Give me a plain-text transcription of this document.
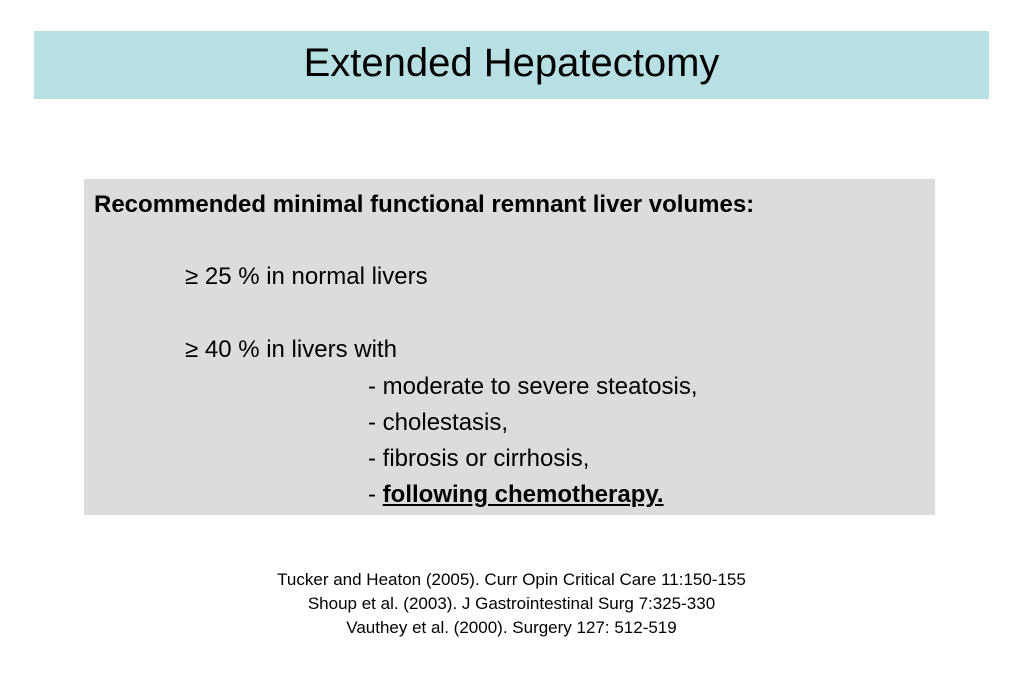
Extended Hepatectomy
Recommended minimal functional remnant liver volumes:
≥ 25 % in normal livers
≥ 40 % in livers with
- moderate to severe steatosis,
- cholestasis,
- fibrosis or cirrhosis,
- following chemotherapy.
Tucker and Heaton (2005). Curr Opin Critical Care 11:150-155
Shoup et al. (2003). J Gastrointestinal Surg 7:325-330
Vauthey et al. (2000). Surgery 127: 512-519
